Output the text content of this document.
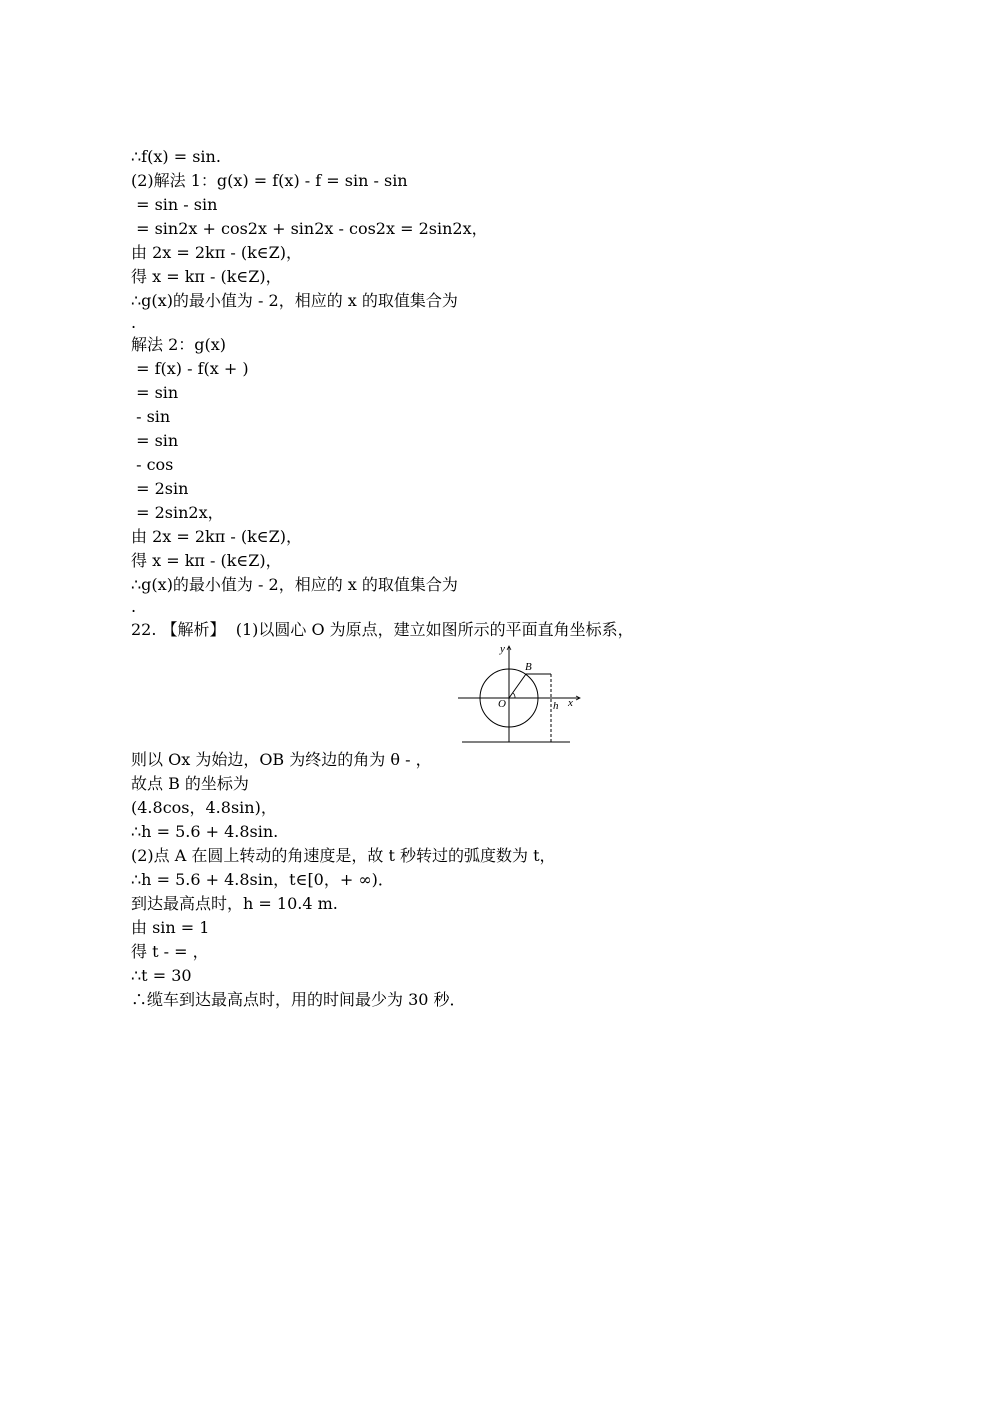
∴f(x) = sin.
(2)解法 1：g(x) = f(x) - f = sin - sin
= sin - sin
= sin2x + cos2x + sin2x - cos2x = 2sin2x，
由 2x = 2kπ - (k∈Z)，
得 x = kπ - (k∈Z)，
∴g(x)的最小值为 - 2，相应的 x 的取值集合为
.
解法 2：g(x)
= f(x) - f(x + )
= sin
- sin
= sin
- cos
= 2sin
= 2sin2x，
由 2x = 2kπ - (k∈Z)，
得 x = kπ - (k∈Z)，
∴g(x)的最小值为 - 2，相应的 x 的取值集合为
.
22. 【解析】  (1)以圆心 O 为原点，建立如图所示的平面直角坐标系，
则以 Ox 为始边，OB 为终边的角为 θ - ，
故点 B 的坐标为
(4.8cos，4.8sin)，
∴h = 5.6 + 4.8sin.
(2)点 A 在圆上转动的角速度是，故 t 秒转过的弧度数为 t，
∴h = 5.6 + 4.8sin，t∈[0，+ ∞)．
到达最高点时，h = 10.4 m.
由 sin = 1
得 t - = ，
∴t = 30
∴缆车到达最高点时，用的时间最少为 30 秒．
y
B
O	h x
